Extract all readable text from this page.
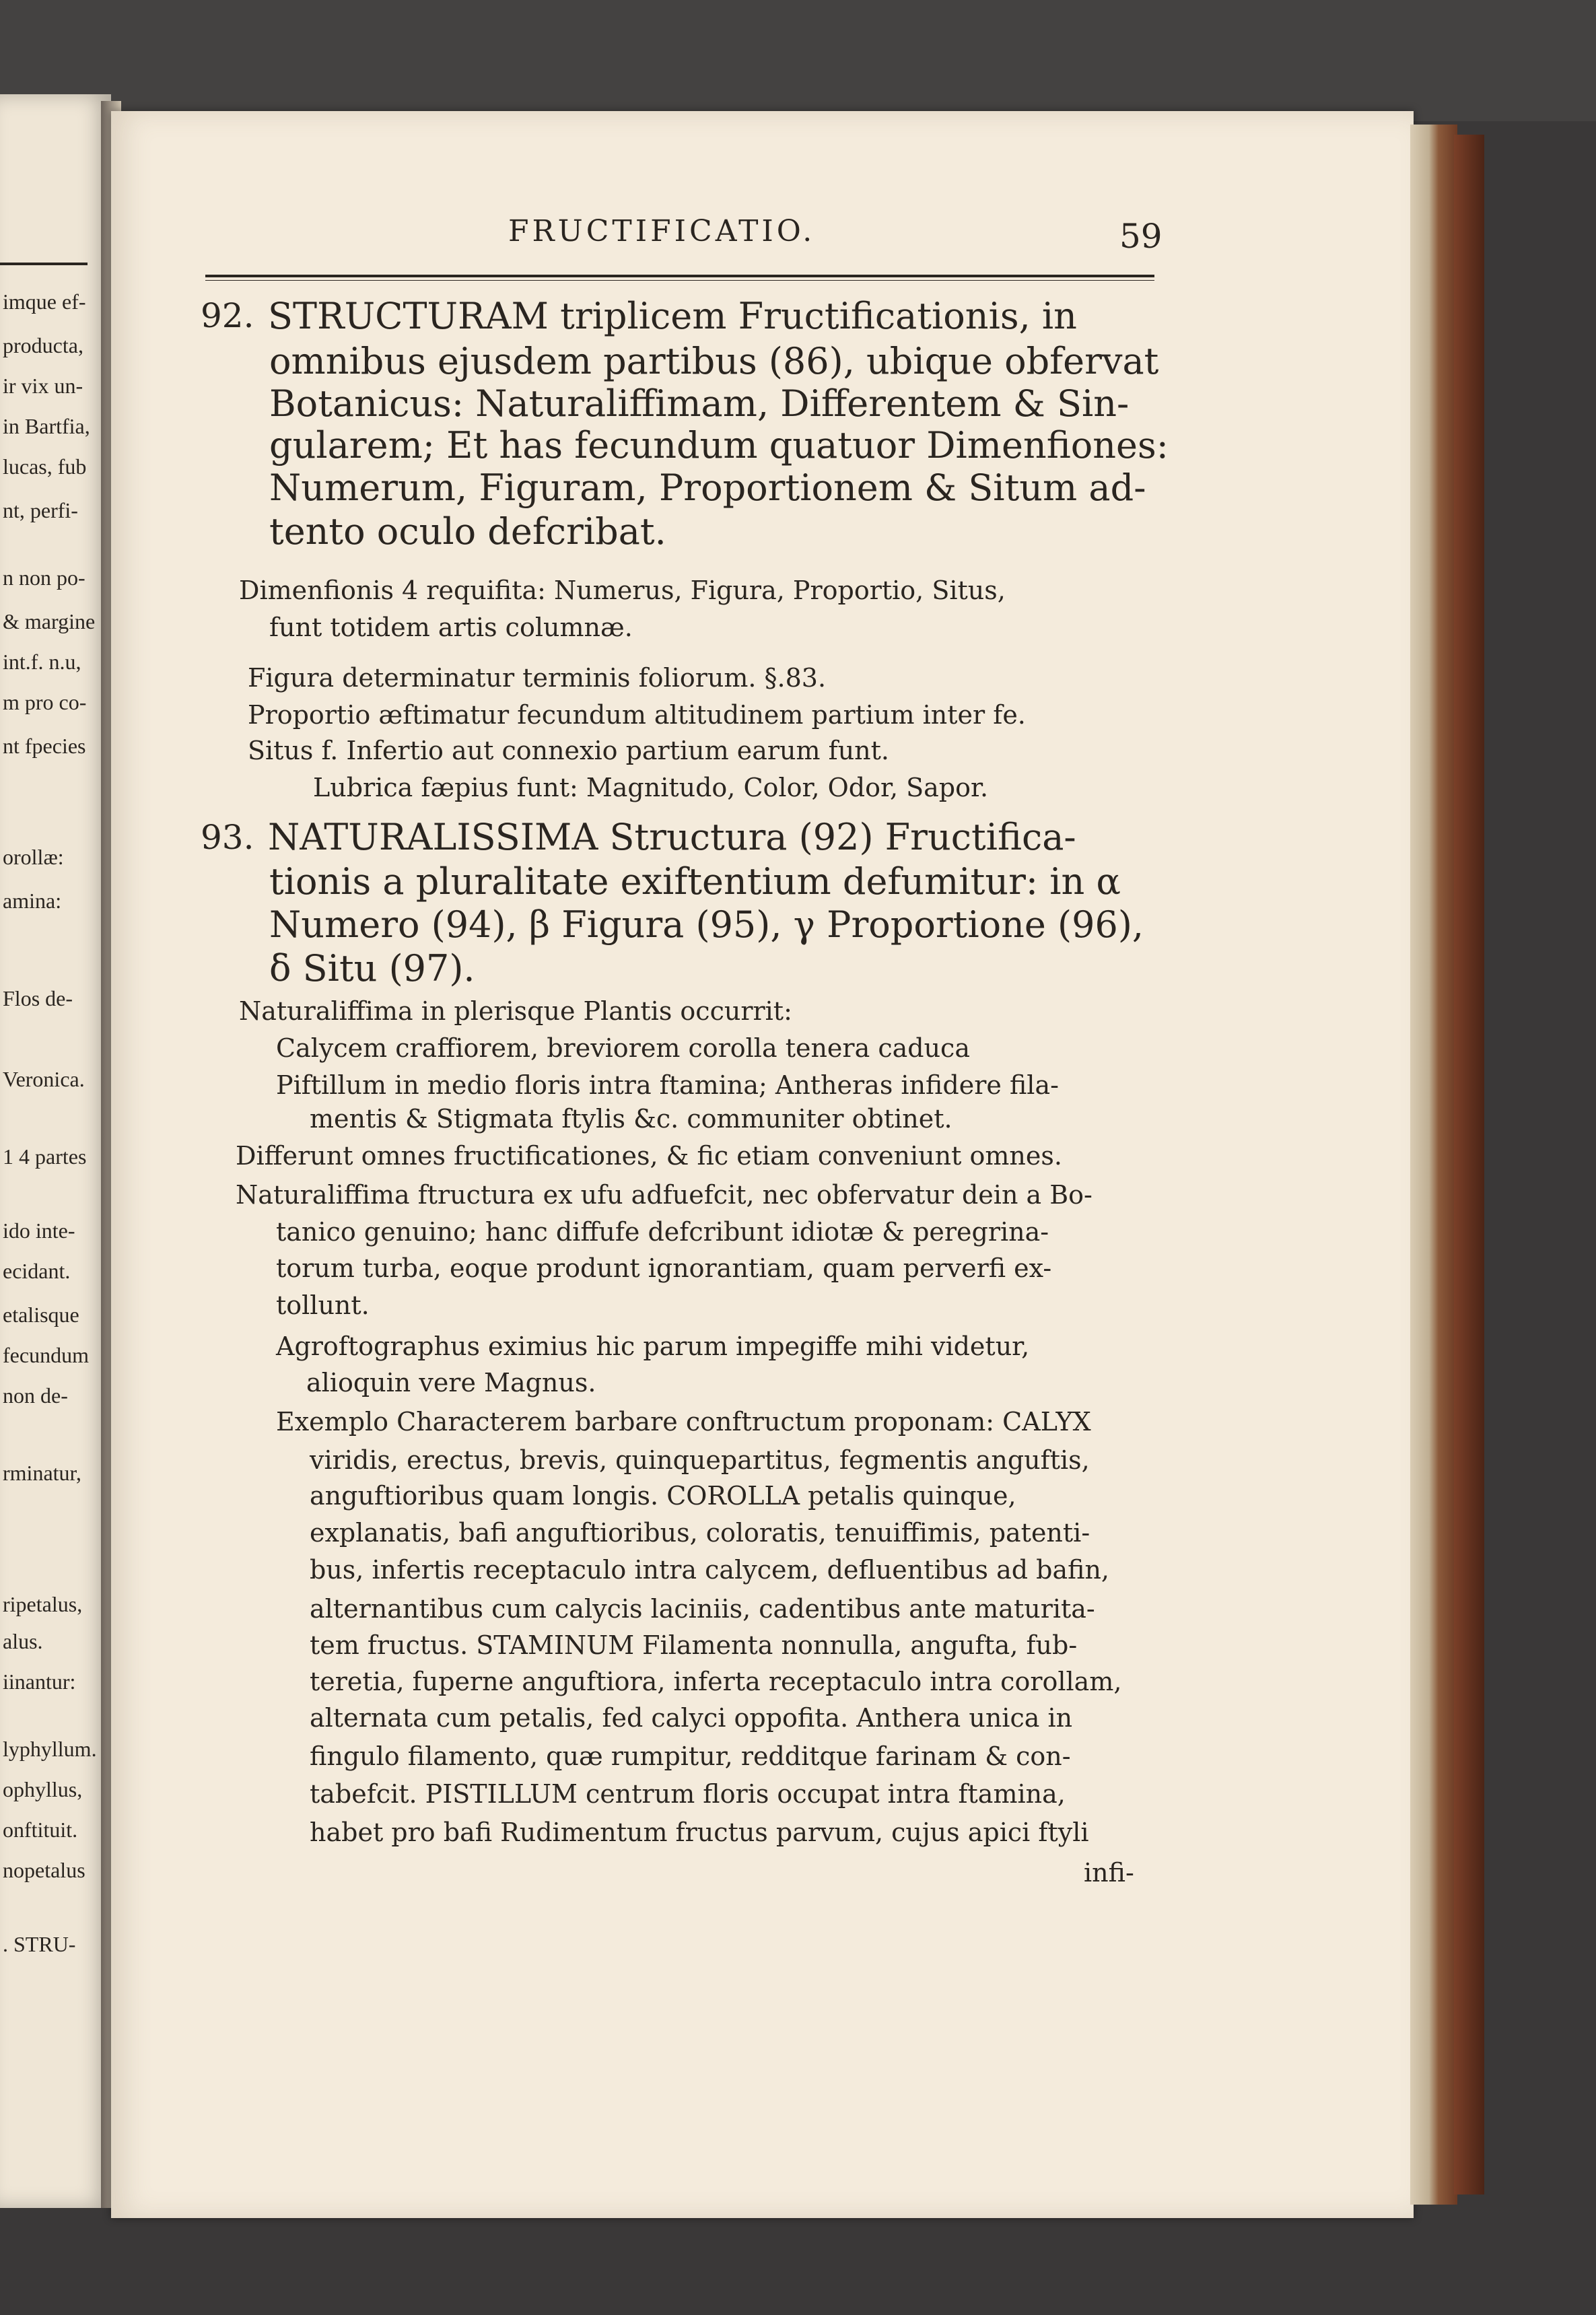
imque ef-
producta,
ir vix un-
in Bartfia,
lucas, fub
nt, perfi-
n non po-
& margine
int.f. n.u,
m pro co-
nt fpecies
orollæ:
amina:
Flos de-
Veronica.
1 4 partes
ido inte-
ecidant.
etalisque
fecundum
non de-
rminatur,
ripetalus,
alus.
iinantur:
lyphyllum.
ophyllus,
onftituit.
nopetalus
. STRU-
FRUCTIFICATIO.	59
92. STRUCTURAM triplicem Fructificationis, in
omnibus ejusdem partibus (86), ubique obfervat
Botanicus: Naturaliffimam, Differentem & Sin-
gularem; Et has fecundum quatuor Dimenfiones:
Numerum, Figuram, Proportionem & Situm ad-
tento oculo defcribat.
Dimenfionis 4 requifita: Numerus, Figura, Proportio, Situs,
funt totidem artis columnæ.
Figura determinatur terminis foliorum. §.83.
Proportio æftimatur fecundum altitudinem partium inter fe.
Situs f. Infertio aut connexio partium earum funt.
Lubrica fæpius funt: Magnitudo, Color, Odor, Sapor.
93. NATURALISSIMA Structura (92) Fructifica-
tionis a pluralitate exiftentium defumitur: in α
Numero (94), β Figura (95), γ Proportione (96),
δ Situ (97).
Naturaliffima in plerisque Plantis occurrit:
Calycem craffiorem, breviorem corolla tenera caduca
Piftillum in medio floris intra ftamina; Antheras infidere fila-
mentis & Stigmata ftylis &c. communiter obtinet.
Differunt omnes fructificationes, & fic etiam conveniunt omnes.
Naturaliffima ftructura ex ufu adfuefcit, nec obfervatur dein a Bo-
tanico genuino; hanc diffufe defcribunt idiotæ & peregrina-
torum turba, eoque produnt ignorantiam, quam perverfi ex-
tollunt.
Agroftographus eximius hic parum impegiffe mihi videtur,
alioquin vere Magnus.
Exemplo Characterem barbare conftructum proponam: CALYX
viridis, erectus, brevis, quinquepartitus, fegmentis anguftis,
anguftioribus quam longis. COROLLA petalis quinque,
explanatis, bafi anguftioribus, coloratis, tenuiffimis, patenti-
bus, infertis receptaculo intra calycem, defluentibus ad bafin,
alternantibus cum calycis laciniis, cadentibus ante maturita-
tem fructus. STAMINUM Filamenta nonnulla, angufta, fub-
teretia, fuperne anguftiora, inferta receptaculo intra corollam,
alternata cum petalis, fed calyci oppofita. Anthera unica in
fingulo filamento, quæ rumpitur, redditque farinam & con-
tabefcit. PISTILLUM centrum floris occupat intra ftamina,
habet pro bafi Rudimentum fructus parvum, cujus apici ftyli
infi-
